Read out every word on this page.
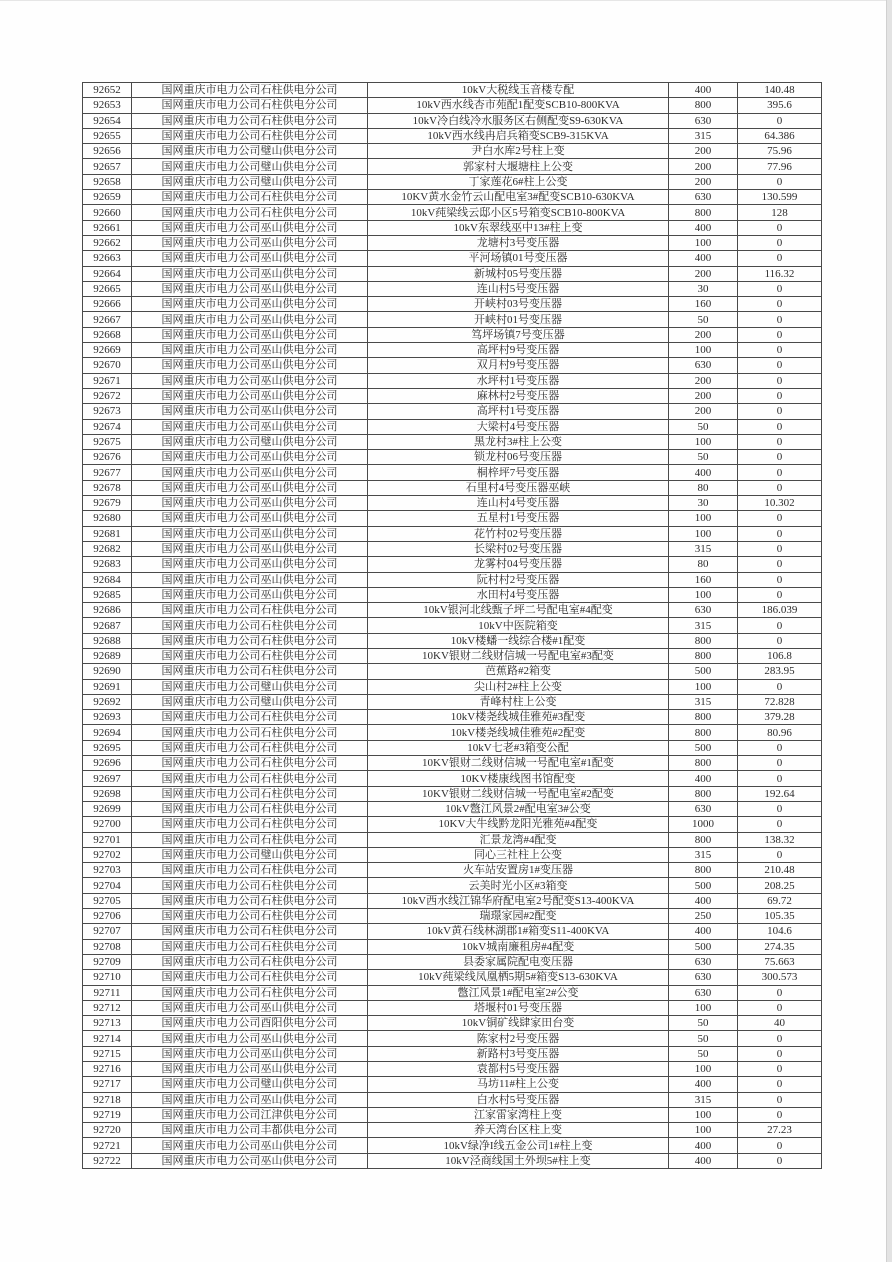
92652	国网重庆市电力公司石柱供电分公司	10kV大税线玉音楼专配	400	140.48
92653	国网重庆市电力公司石柱供电分公司	10kV西水线杏市苑配1配变SCB10-800KVA	800	395.6
92654	国网重庆市电力公司石柱供电分公司	10kV冷白线冷水服务区右侧配变S9-630KVA	630	0
92655	国网重庆市电力公司石柱供电分公司	10kV西水线冉启兵箱变SCB9-315KVA	315	64.386
92656	国网重庆市电力公司璧山供电分公司	尹白水库2号柱上变	200	75.96
92657	国网重庆市电力公司璧山供电分公司	郭家村大堰塘柱上公变	200	77.96
92658	国网重庆市电力公司璧山供电分公司	丁家莲花6#柱上公变	200	0
92659	国网重庆市电力公司石柱供电分公司	10KV黄水金竹云山配电室3#配变SCB10-630KVA	630	130.599
92660	国网重庆市电力公司石柱供电分公司	10kV莼梁线云邸小区5号箱变SCB10-800KVA	800	128
92661	国网重庆市电力公司巫山供电分公司	10kV东翠线巫中13#柱上变	400	0
92662	国网重庆市电力公司巫山供电分公司	龙塘村3号变压器	100	0
92663	国网重庆市电力公司巫山供电分公司	平河场镇01号变压器	400	0
92664	国网重庆市电力公司巫山供电分公司	新城村05号变压器	200	116.32
92665	国网重庆市电力公司巫山供电分公司	连山村5号变压器	30	0
92666	国网重庆市电力公司巫山供电分公司	开峡村03号变压器	160	0
92667	国网重庆市电力公司巫山供电分公司	开峡村01号变压器	50	0
92668	国网重庆市电力公司巫山供电分公司	笃坪场镇7号变压器	200	0
92669	国网重庆市电力公司巫山供电分公司	高坪村9号变压器	100	0
92670	国网重庆市电力公司巫山供电分公司	双月村9号变压器	630	0
92671	国网重庆市电力公司巫山供电分公司	水坪村1号变压器	200	0
92672	国网重庆市电力公司巫山供电分公司	麻林村2号变压器	200	0
92673	国网重庆市电力公司巫山供电分公司	高坪村1号变压器	200	0
92674	国网重庆市电力公司巫山供电分公司	大梁村4号变压器	50	0
92675	国网重庆市电力公司璧山供电分公司	黑龙村3#柱上公变	100	0
92676	国网重庆市电力公司巫山供电分公司	锁龙村06号变压器	50	0
92677	国网重庆市电力公司巫山供电分公司	桐梓坪7号变压器	400	0
92678	国网重庆市电力公司巫山供电分公司	石里村4号变压器巫峡	80	0
92679	国网重庆市电力公司巫山供电分公司	连山村4号变压器	30	10.302
92680	国网重庆市电力公司巫山供电分公司	五星村1号变压器	100	0
92681	国网重庆市电力公司巫山供电分公司	花竹村02号变压器	100	0
92682	国网重庆市电力公司巫山供电分公司	长梁村02号变压器	315	0
92683	国网重庆市电力公司巫山供电分公司	龙雾村04号变压器	80	0
92684	国网重庆市电力公司巫山供电分公司	阮村村2号变压器	160	0
92685	国网重庆市电力公司巫山供电分公司	水田村4号变压器	100	0
92686	国网重庆市电力公司石柱供电分公司	10kV银河北线甄子坪二号配电室#4配变	630	186.039
92687	国网重庆市电力公司石柱供电分公司	10kV中医院箱变	315	0
92688	国网重庆市电力公司石柱供电分公司	10kV楼蟠一线综合楼#1配变	800	0
92689	国网重庆市电力公司石柱供电分公司	10KV银财二线财信城一号配电室#3配变	800	106.8
92690	国网重庆市电力公司石柱供电分公司	芭蕉路#2箱变	500	283.95
92691	国网重庆市电力公司璧山供电分公司	尖山村2#柱上公变	100	0
92692	国网重庆市电力公司璧山供电分公司	青峰村柱上公变	315	72.828
92693	国网重庆市电力公司石柱供电分公司	10kV楼尧线城佳雅苑#3配变	800	379.28
92694	国网重庆市电力公司石柱供电分公司	10kV楼尧线城佳雅苑#2配变	800	80.96
92695	国网重庆市电力公司石柱供电分公司	10kV七老#3箱变公配	500	0
92696	国网重庆市电力公司石柱供电分公司	10KV银财二线财信城一号配电室#1配变	800	0
92697	国网重庆市电力公司石柱供电分公司	10KV楼康线图书馆配变	400	0
92698	国网重庆市电力公司石柱供电分公司	10KV银财二线财信城一号配电室#2配变	800	192.64
92699	国网重庆市电力公司石柱供电分公司	10kV鄨江风景2#配电室3#公变	630	0
92700	国网重庆市电力公司石柱供电分公司	10KV大牛线黔龙阳光雅苑#4配变	1000	0
92701	国网重庆市电力公司石柱供电分公司	汇景龙湾#4配变	800	138.32
92702	国网重庆市电力公司璧山供电分公司	同心三社柱上公变	315	0
92703	国网重庆市电力公司石柱供电分公司	火车站安置房1#变压器	800	210.48
92704	国网重庆市电力公司石柱供电分公司	云美时光小区#3箱变	500	208.25
92705	国网重庆市电力公司石柱供电分公司	10kV西水线江锦华府配电室2号配变S13-400KVA	400	69.72
92706	国网重庆市电力公司石柱供电分公司	瑞璟家园#2配变	250	105.35
92707	国网重庆市电力公司石柱供电分公司	10kV黄石线林湖郡1#箱变S11-400KVA	400	104.6
92708	国网重庆市电力公司石柱供电分公司	10kV城南廉租房#4配变	500	274.35
92709	国网重庆市电力公司石柱供电分公司	县委家属院配电变压器	630	75.663
92710	国网重庆市电力公司石柱供电分公司	10kV莼梁线凤凰栖5期5#箱变S13-630KVA	630	300.573
92711	国网重庆市电力公司石柱供电分公司	鄨江风景1#配电室2#公变	630	0
92712	国网重庆市电力公司巫山供电分公司	塔堰村01号变压器	100	0
92713	国网重庆市电力公司酉阳供电分公司	10kV铜矿线肆家田台变	50	40
92714	国网重庆市电力公司巫山供电分公司	陈家村2号变压器	50	0
92715	国网重庆市电力公司巫山供电分公司	新路村3号变压器	50	0
92716	国网重庆市电力公司巫山供电分公司	袁都村5号变压器	100	0
92717	国网重庆市电力公司璧山供电分公司	马坊11#柱上公变	400	0
92718	国网重庆市电力公司巫山供电分公司	白水村5号变压器	315	0
92719	国网重庆市电力公司江津供电分公司	江家雷家湾柱上变	100	0
92720	国网重庆市电力公司丰都供电分公司	养天湾台区柱上变	100	27.23
92721	国网重庆市电力公司巫山供电分公司	10kV绿净I线五金公司1#柱上变	400	0
92722	国网重庆市电力公司巫山供电分公司	10kV泾商线国土外坝5#柱上变	400	0
